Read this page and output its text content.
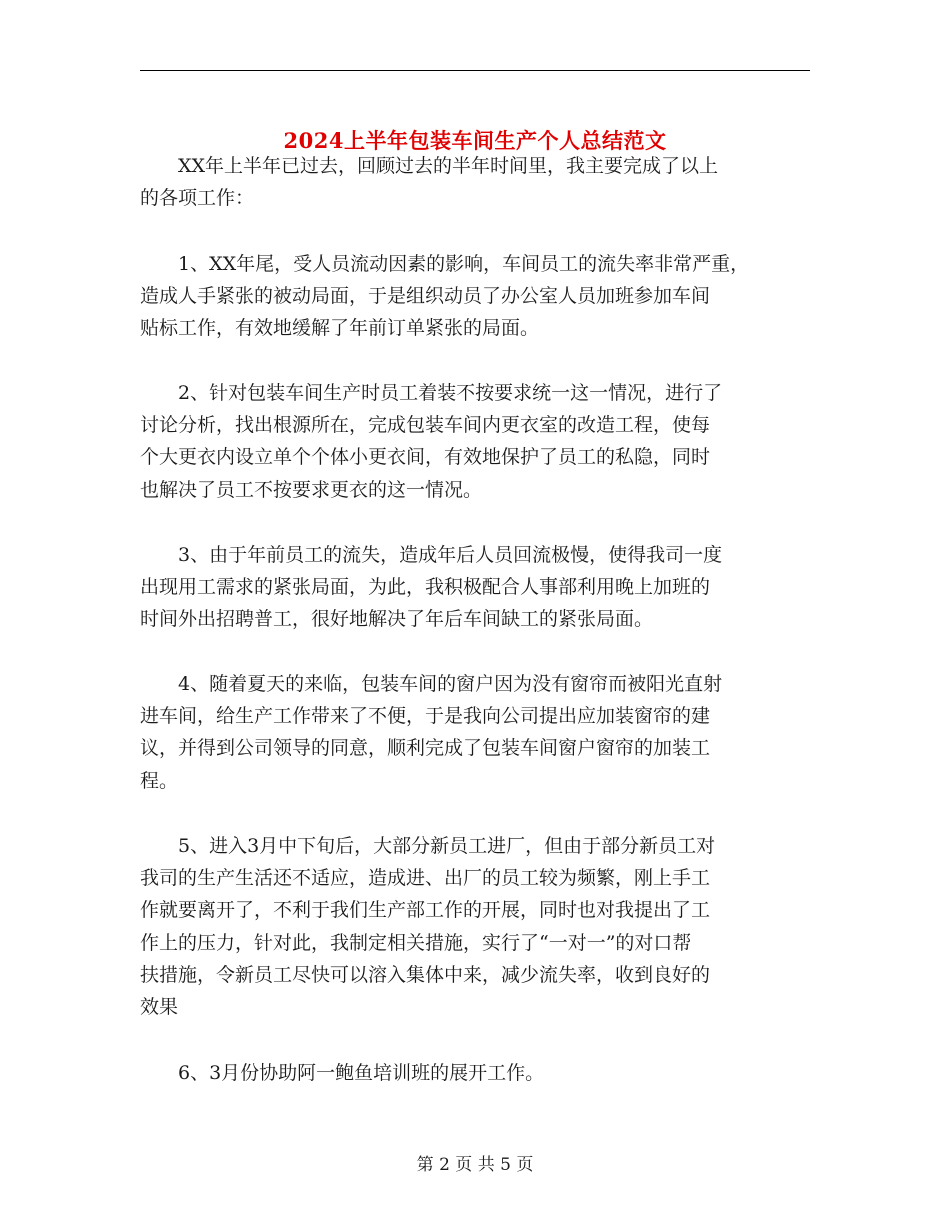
2024上半年包装车间生产个人总结范文
XX年上半年已过去，回顾过去的半年时间里，我主要完成了以上
的各项工作：
1、XX年尾，受人员流动因素的影响，车间员工的流失率非常严重，
造成人手紧张的被动局面，于是组织动员了办公室人员加班参加车间
贴标工作，有效地缓解了年前订单紧张的局面。
2、针对包装车间生产时员工着装不按要求统一这一情况，进行了
讨论分析，找出根源所在，完成包装车间内更衣室的改造工程，使每
个大更衣内设立单个个体小更衣间，有效地保护了员工的私隐，同时
也解决了员工不按要求更衣的这一情况。
3、由于年前员工的流失，造成年后人员回流极慢，使得我司一度
出现用工需求的紧张局面，为此，我积极配合人事部利用晚上加班的
时间外出招聘普工，很好地解决了年后车间缺工的紧张局面。
4、随着夏天的来临，包装车间的窗户因为没有窗帘而被阳光直射
进车间，给生产工作带来了不便，于是我向公司提出应加装窗帘的建
议，并得到公司领导的同意，顺利完成了包装车间窗户窗帘的加装工
程。
5、进入3月中下旬后，大部分新员工进厂，但由于部分新员工对
我司的生产生活还不适应，造成进、出厂的员工较为频繁，刚上手工
作就要离开了，不利于我们生产部工作的开展，同时也对我提出了工
作上的压力，针对此，我制定相关措施，实行了“一对一”的对口帮
扶措施，令新员工尽快可以溶入集体中来，减少流失率，收到良好的
效果
6、3月份协助阿一鲍鱼培训班的展开工作。
第 2 页 共 5 页
